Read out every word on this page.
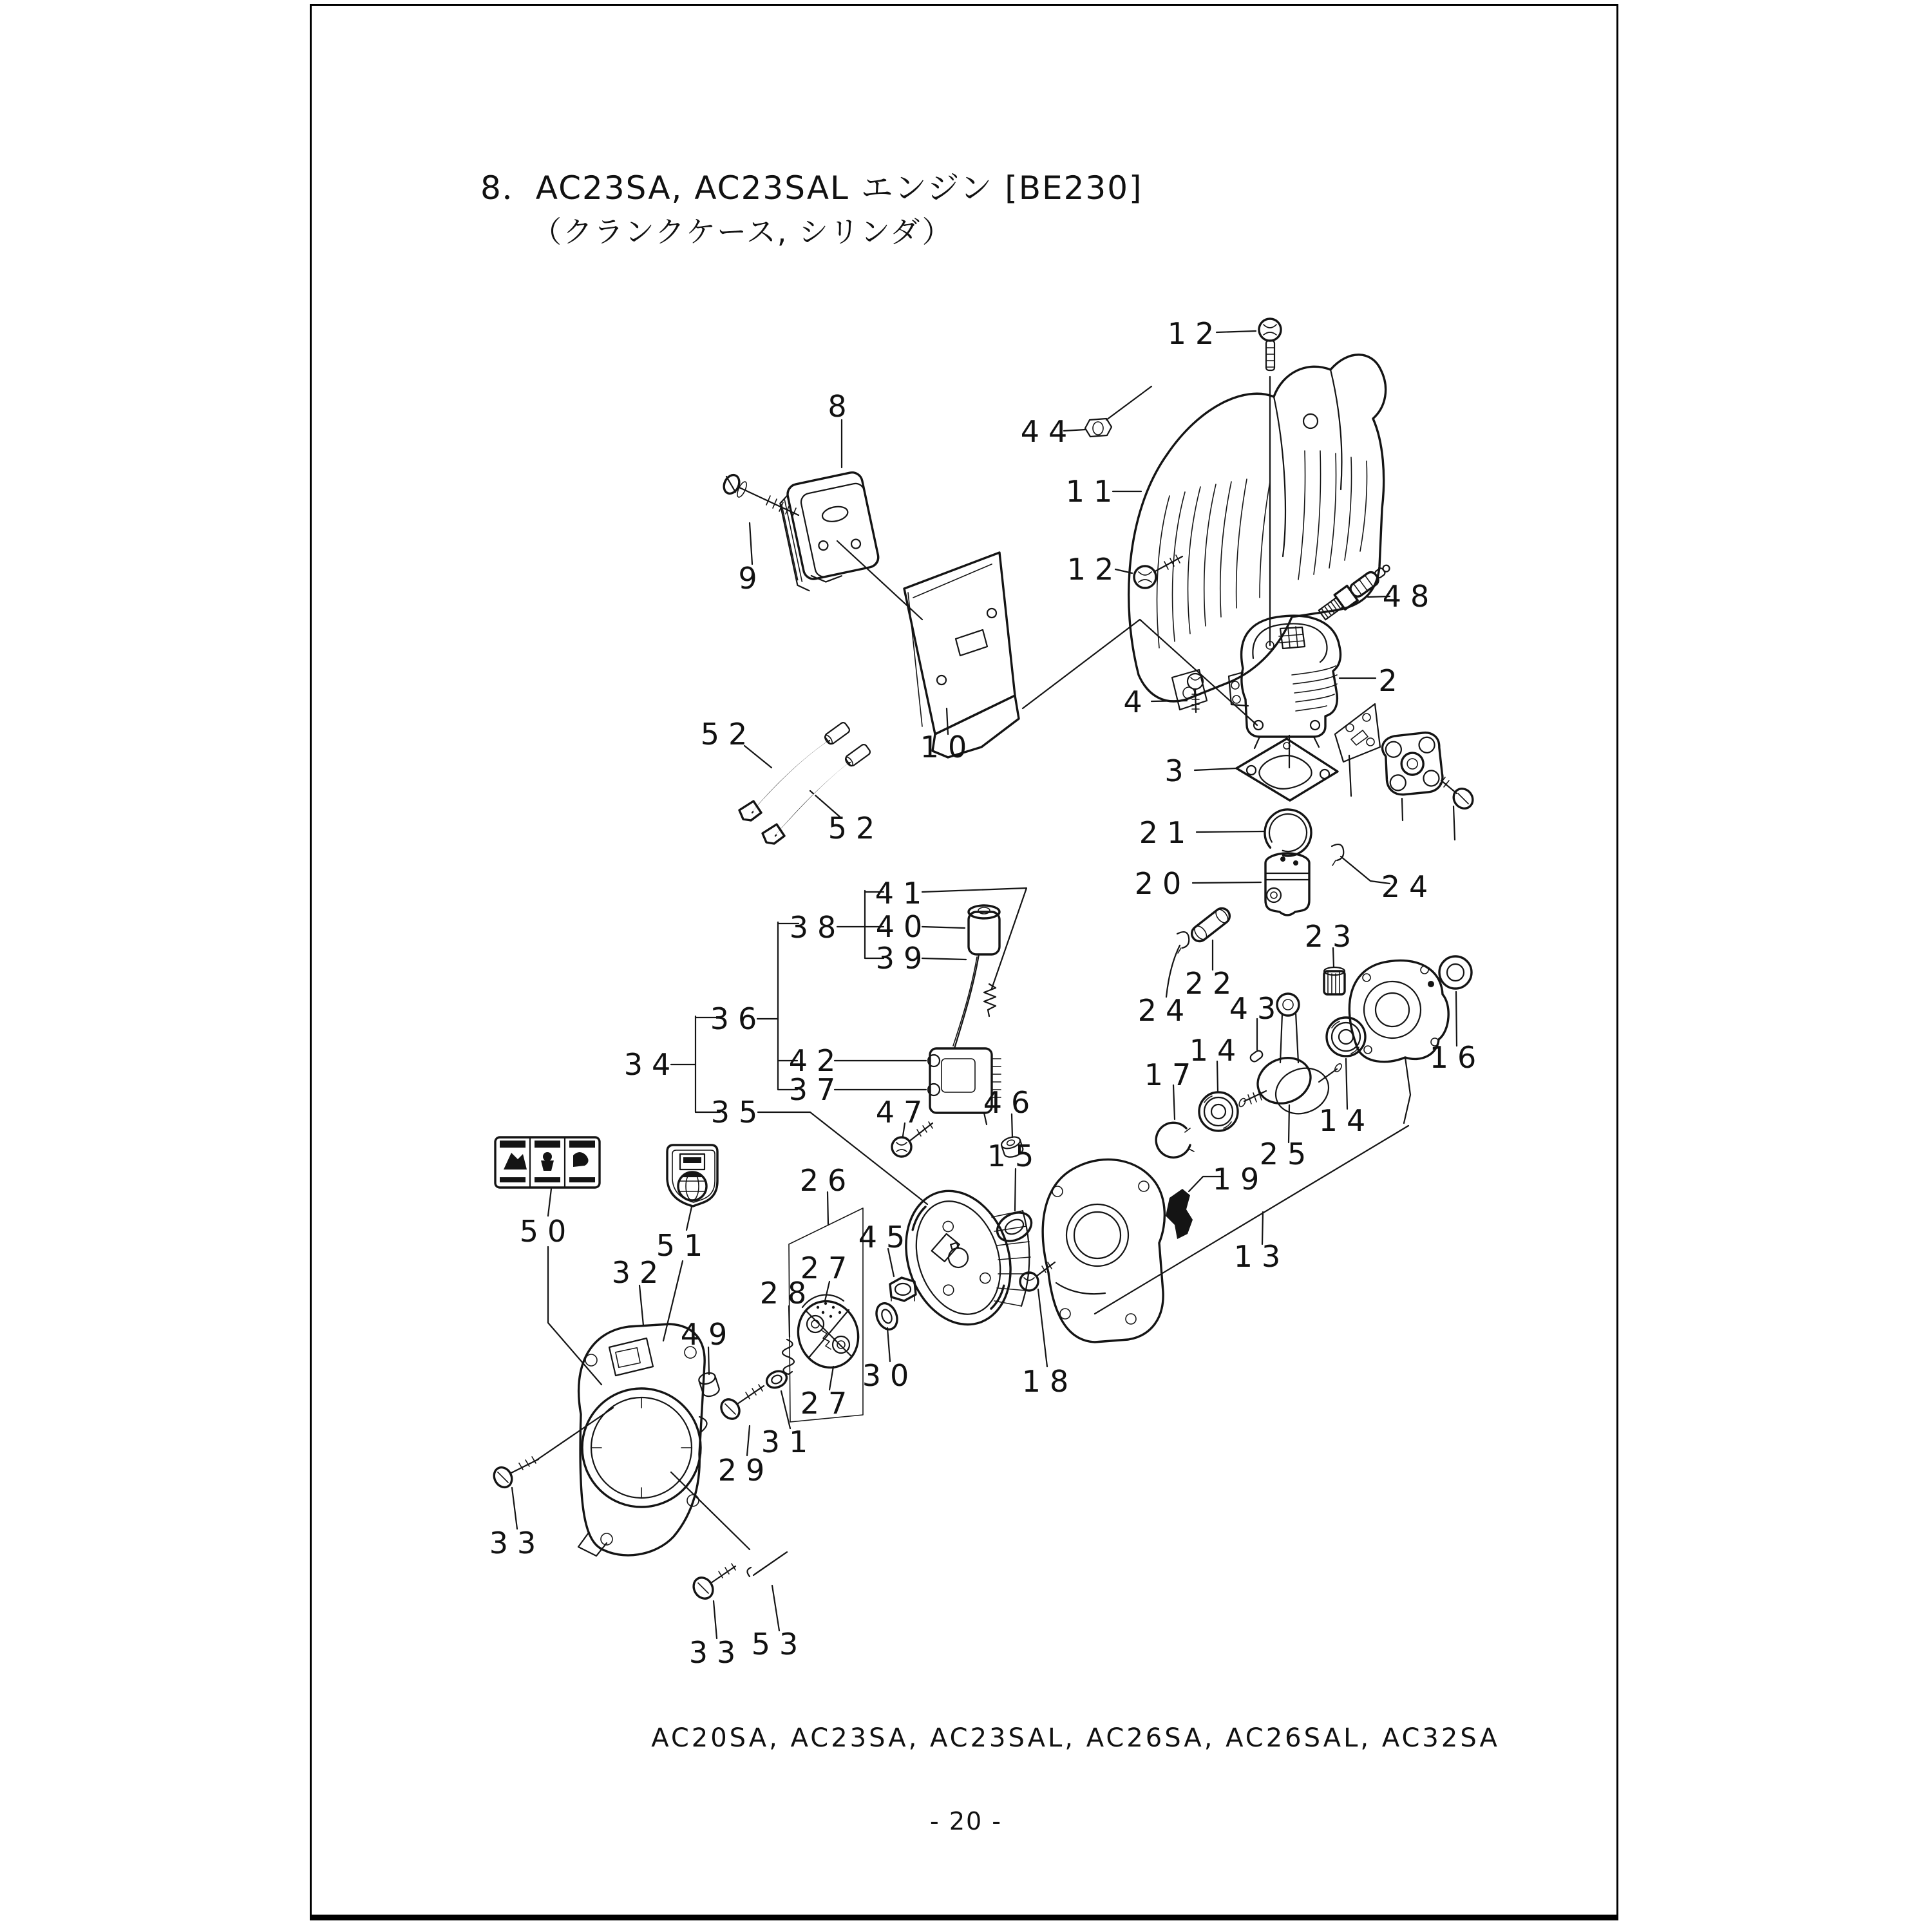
8．AC23SA, AC23SAL エンジン [BE230]
（クランクケース, シリンダ）
12
44
8
9
11
12
48
2
4
3
10
52
52	21
20	24
23
22
24 43
14
17	16
14
25
19
13
41
38 40
39
36
34	42
37
35	46
47
15
26
45
27
28
30
27
31
29
18
50	51
32
49
33
33 53
AC20SA, AC23SA, AC23SAL, AC26SA, AC26SAL, AC32SA
- 20 -
